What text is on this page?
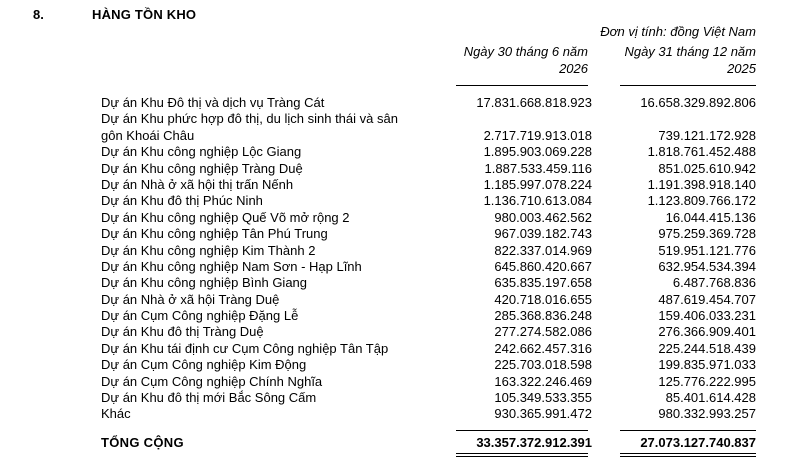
8.	HÀNG TỒN KHO
Đơn vị tính: đồng Việt Nam
Ngày 30 tháng 6 năm
2026
Ngày 31 tháng 12 năm
2025
Dự án Khu Đô thị và dịch vụ Tràng Cát	17.831.668.818.923	16.658.329.892.806
Dự án Khu phức hợp đô thị, du lịch sinh thái và sân
gôn Khoái Châu	2.717.719.913.018	739.121.172.928
Dự án Khu công nghiệp Lộc Giang	1.895.903.069.228	1.818.761.452.488
Dự án Khu công nghiệp Tràng Duệ	1.887.533.459.116	851.025.610.942
Dự án Nhà ở xã hội thị trấn Nếnh	1.185.997.078.224	1.191.398.918.140
Dự án Khu đô thị Phúc Ninh	1.136.710.613.084	1.123.809.766.172
Dự án Khu công nghiệp Quế Võ mở rộng 2	980.003.462.562	16.044.415.136
Dự án Khu công nghiệp Tân Phú Trung	967.039.182.743	975.259.369.728
Dự án Khu công nghiệp Kim Thành 2	822.337.014.969	519.951.121.776
Dự án Khu công nghiệp Nam Sơn - Hạp Lĩnh	645.860.420.667	632.954.534.394
Dự án Khu công nghiệp Bình Giang	635.835.197.658	6.487.768.836
Dự án Nhà ở xã hội Tràng Duệ	420.718.016.655	487.619.454.707
Dự án Cụm Công nghiệp Đặng Lễ	285.368.836.248	159.406.033.231
Dự án Khu đô thị Tràng Duệ	277.274.582.086	276.366.909.401
Dự án Khu tái định cư Cụm Công nghiệp Tân Tập	242.662.457.316	225.244.518.439
Dự án Cụm Công nghiệp Kim Động	225.703.018.598	199.835.971.033
Dự án Cụm Công nghiệp Chính Nghĩa	163.322.246.469	125.776.222.995
Dự án Khu đô thị mới Bắc Sông Cấm	105.349.533.355	85.401.614.428
Khác	930.365.991.472	980.332.993.257
TỔNG CỘNG	33.357.372.912.391	27.073.127.740.837
